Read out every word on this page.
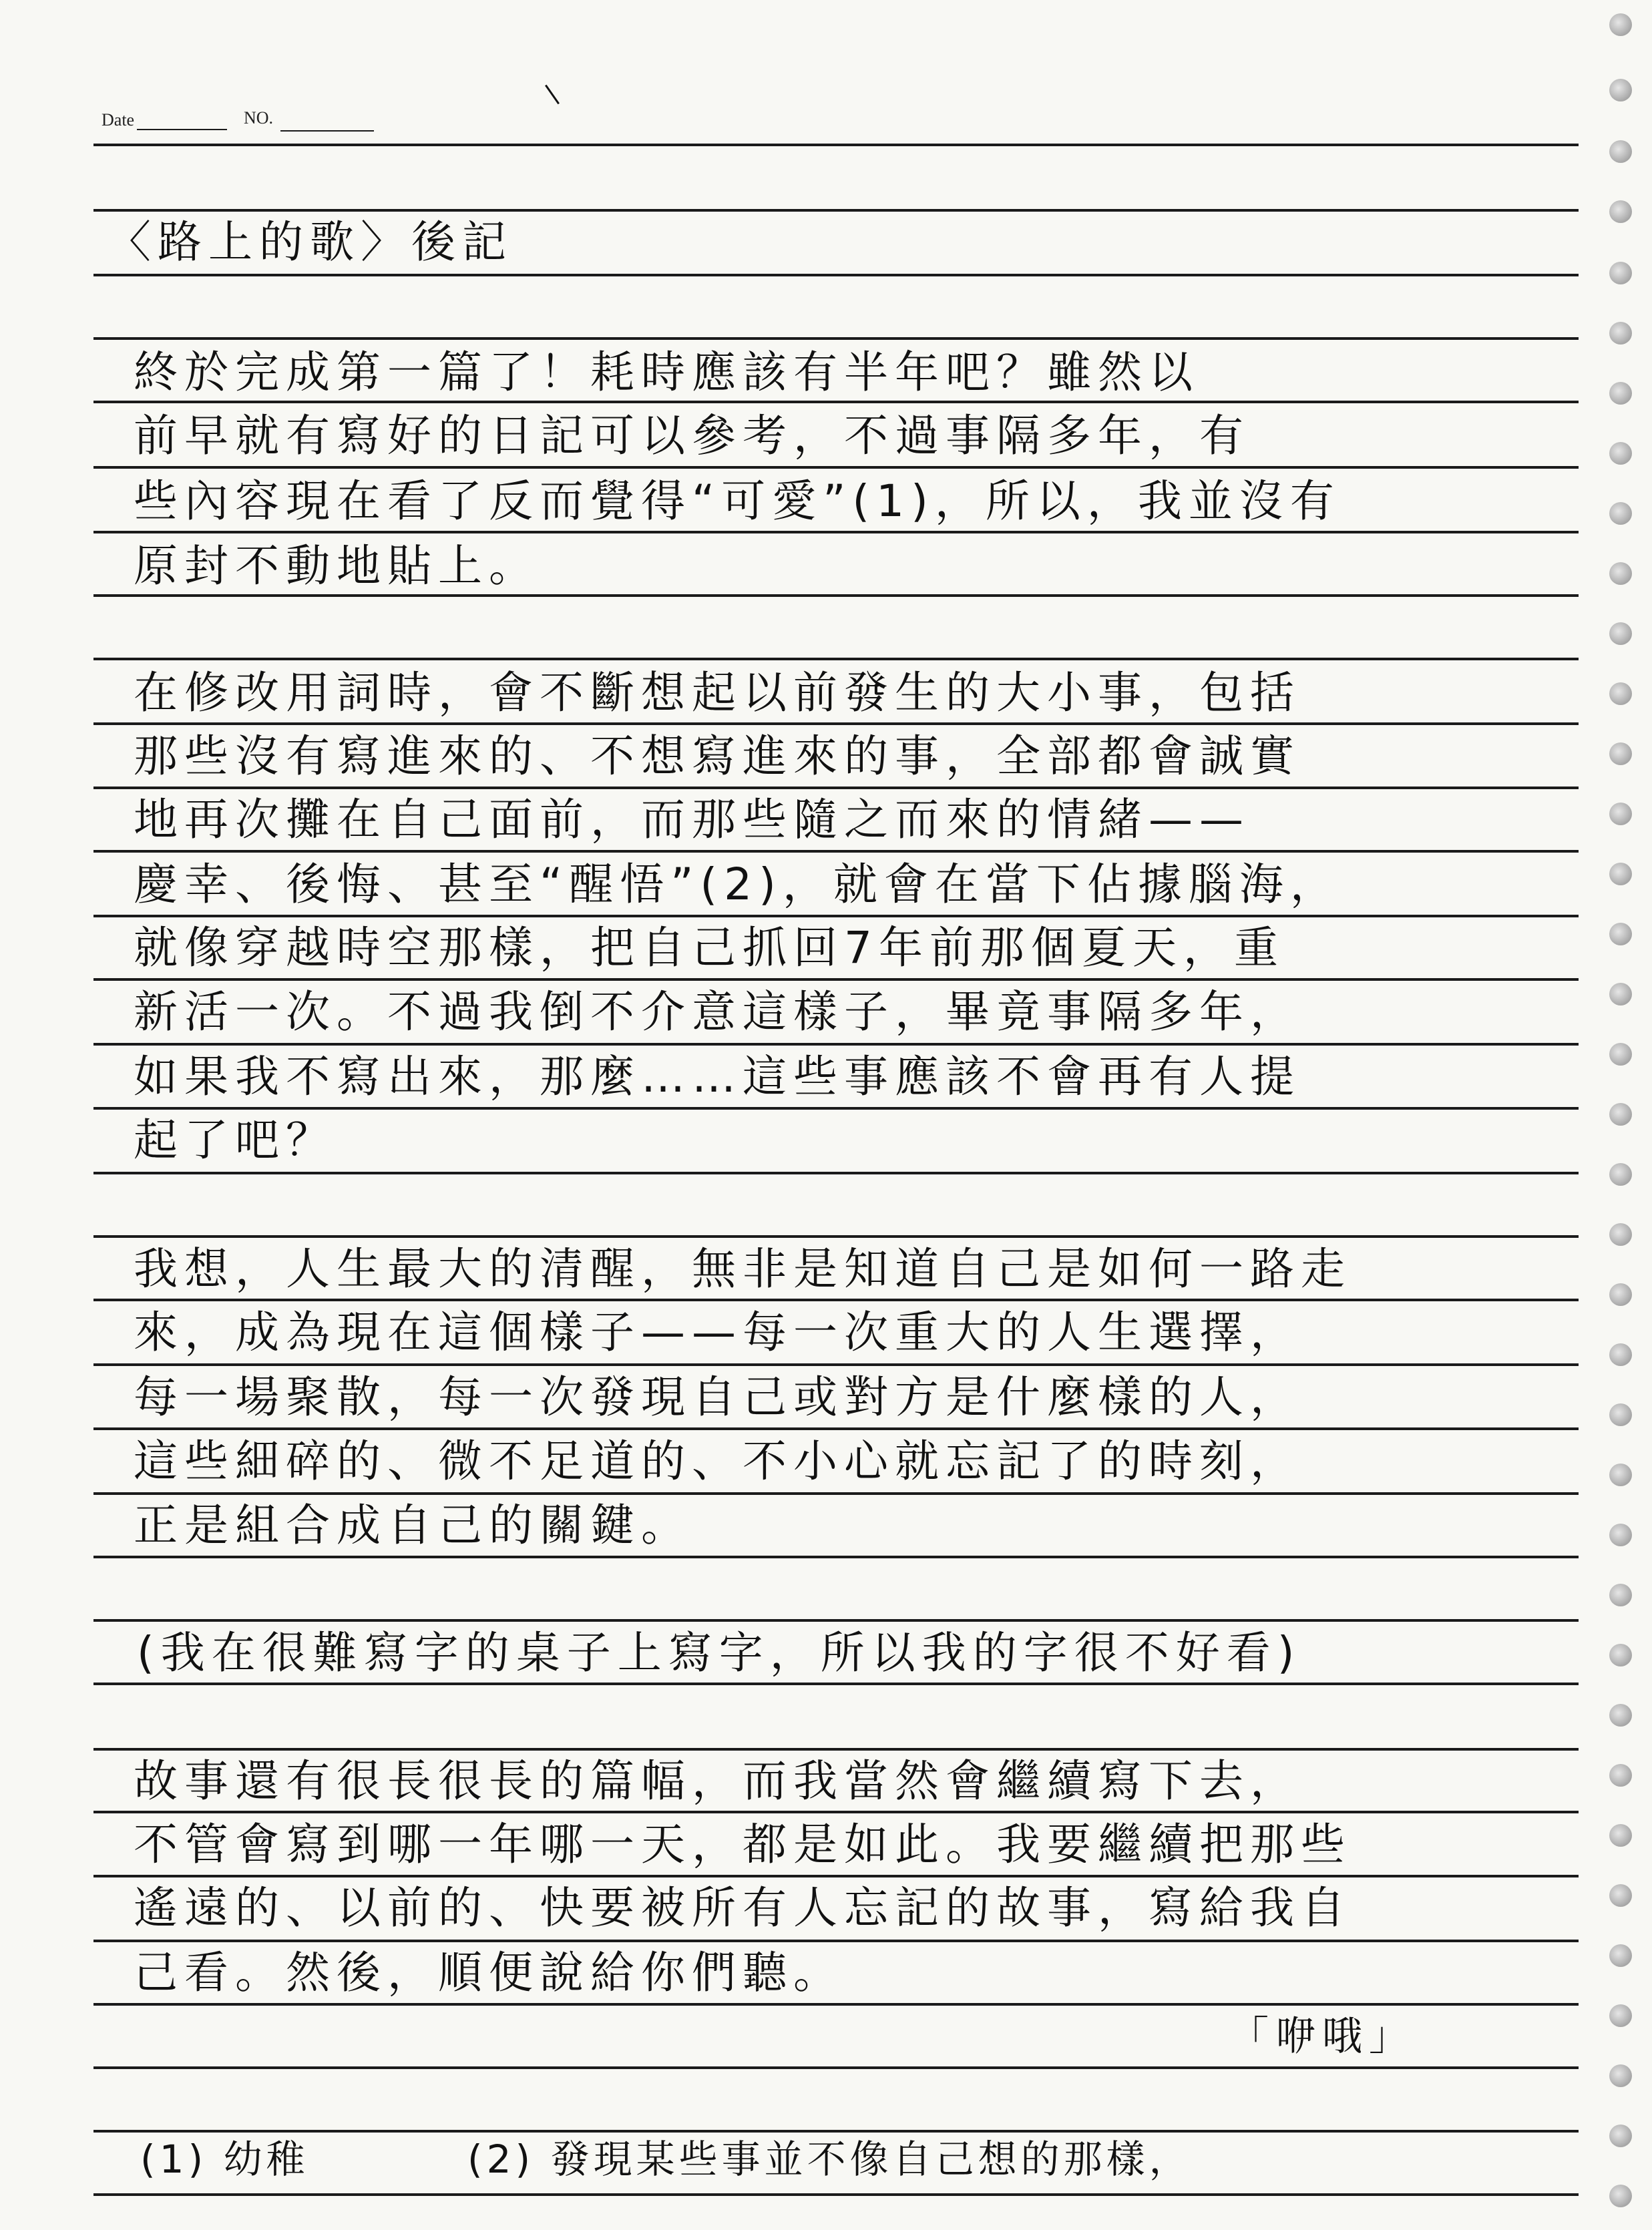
Date	NO.
〈路上的歌〉後記
終於完成第一篇了！耗時應該有半年吧？雖然以
前早就有寫好的日記可以參考，不過事隔多年，有
些內容現在看了反而覺得“可愛”(1)，所以，我並沒有
原封不動地貼上。
在修改用詞時，會不斷想起以前發生的大小事，包括
那些沒有寫進來的、不想寫進來的事，全部都會誠實
地再次攤在自己面前，而那些隨之而來的情緒——
慶幸、後悔、甚至“醒悟”(2)，就會在當下佔據腦海，
就像穿越時空那樣，把自己抓回7年前那個夏天，重
新活一次。不過我倒不介意這樣子，畢竟事隔多年，
如果我不寫出來，那麼……這些事應該不會再有人提
起了吧？
我想，人生最大的清醒，無非是知道自己是如何一路走
來，成為現在這個樣子——每一次重大的人生選擇，
每一場聚散，每一次發現自己或對方是什麼樣的人，
這些細碎的、微不足道的、不小心就忘記了的時刻，
正是組合成自己的關鍵。
(我在很難寫字的桌子上寫字，所以我的字很不好看)
故事還有很長很長的篇幅，而我當然會繼續寫下去，
不管會寫到哪一年哪一天，都是如此。我要繼續把那些
遙遠的、以前的、快要被所有人忘記的故事，寫給我自
己看。然後，順便說給你們聽。
「咿哦」
(1) 幼稚	(2) 發現某些事並不像自己想的那樣，
